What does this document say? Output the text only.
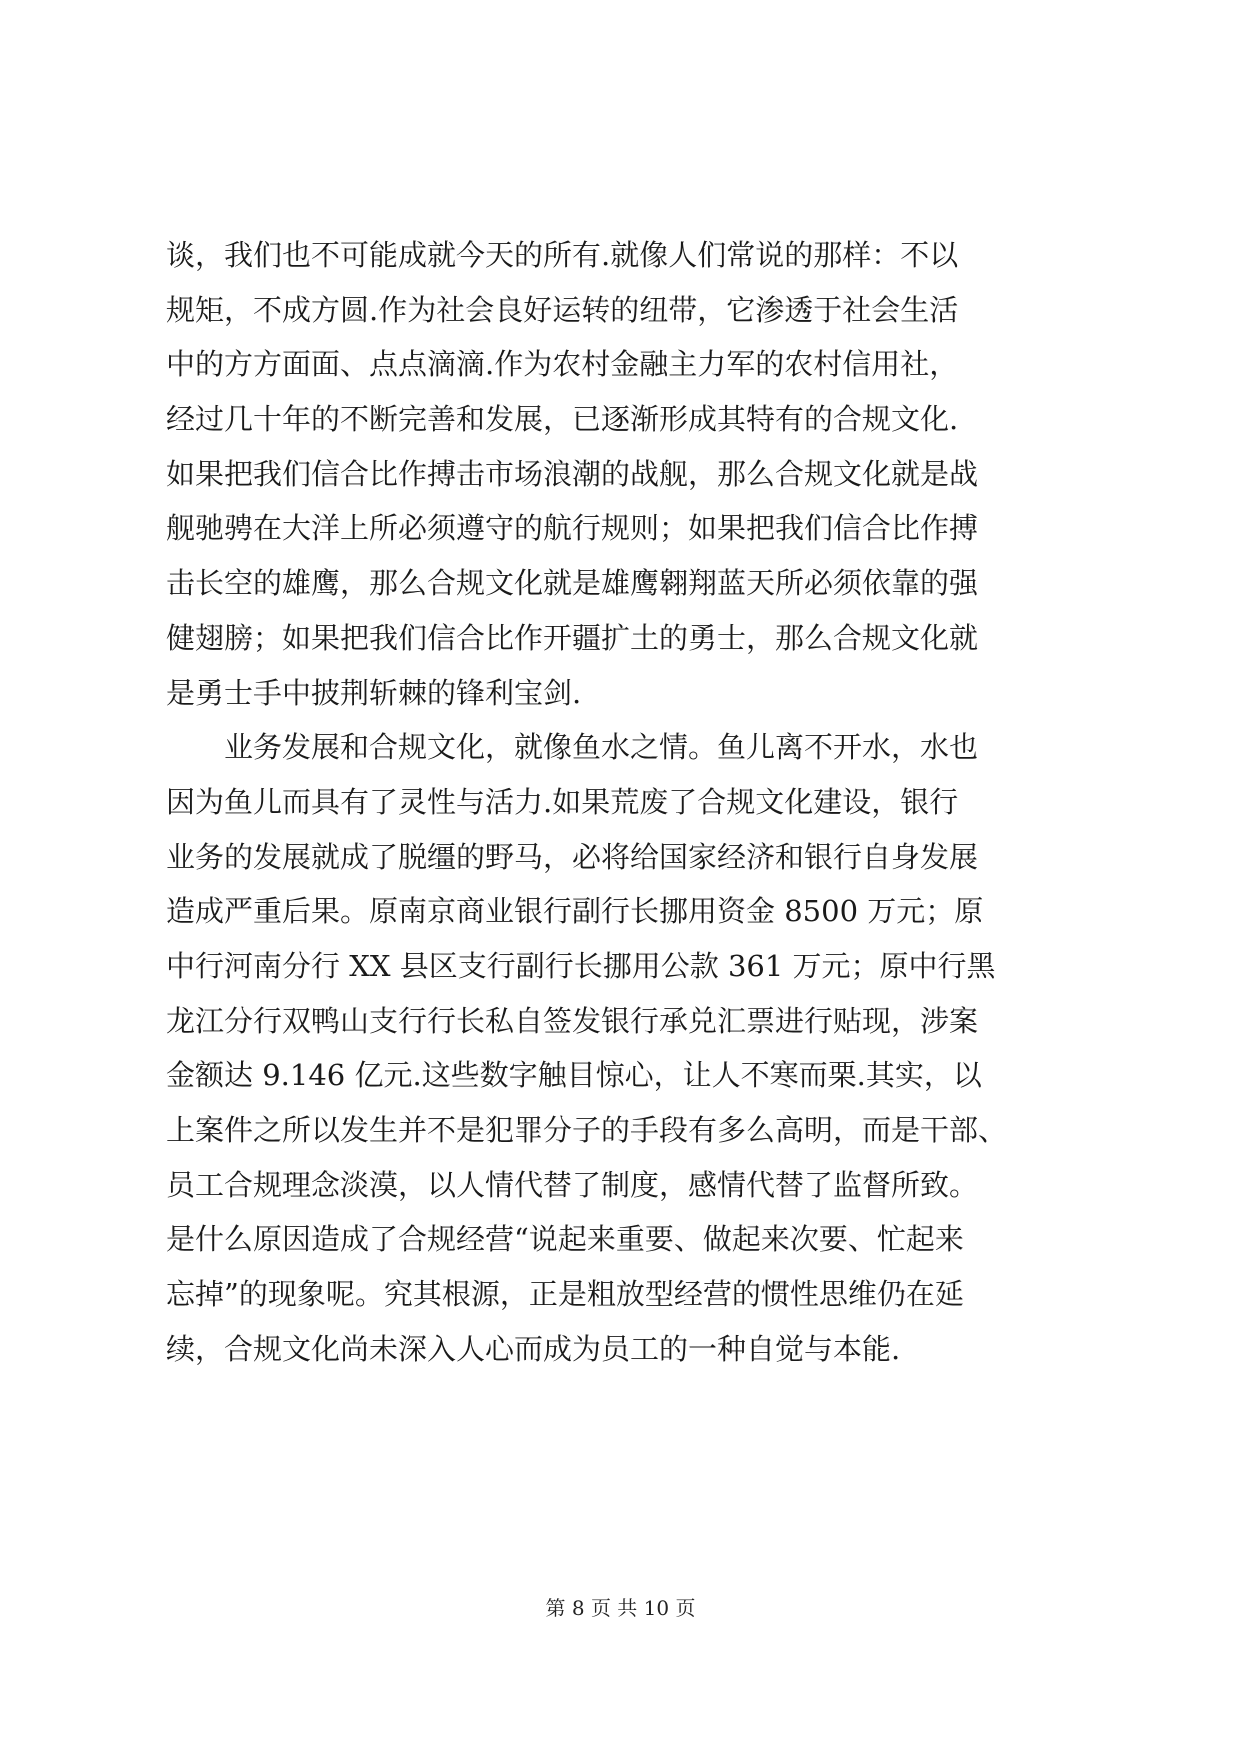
谈，我们也不可能成就今天的所有.就像人们常说的那样：不以
规矩，不成方圆.作为社会良好运转的纽带，它渗透于社会生活
中的方方面面、点点滴滴.作为农村金融主力军的农村信用社，
经过几十年的不断完善和发展，已逐渐形成其特有的合规文化.
如果把我们信合比作搏击市场浪潮的战舰，那么合规文化就是战
舰驰骋在大洋上所必须遵守的航行规则；如果把我们信合比作搏
击长空的雄鹰，那么合规文化就是雄鹰翱翔蓝天所必须依靠的强
健翅膀；如果把我们信合比作开疆扩土的勇士，那么合规文化就
是勇士手中披荆斩棘的锋利宝剑.
　　业务发展和合规文化，就像鱼水之情。鱼儿离不开水，水也
因为鱼儿而具有了灵性与活力.如果荒废了合规文化建设，银行
业务的发展就成了脱缰的野马，必将给国家经济和银行自身发展
造成严重后果。原南京商业银行副行长挪用资金 8500 万元；原
中行河南分行 XX 县区支行副行长挪用公款 361 万元；原中行黑
龙江分行双鸭山支行行长私自签发银行承兑汇票进行贴现，涉案
金额达 9.146 亿元.这些数字触目惊心，让人不寒而栗.其实，以
上案件之所以发生并不是犯罪分子的手段有多么高明，而是干部、
员工合规理念淡漠，以人情代替了制度，感情代替了监督所致。
是什么原因造成了合规经营“说起来重要、做起来次要、忙起来
忘掉”的现象呢。究其根源，正是粗放型经营的惯性思维仍在延
续，合规文化尚未深入人心而成为员工的一种自觉与本能.
第 8 页 共 10 页
